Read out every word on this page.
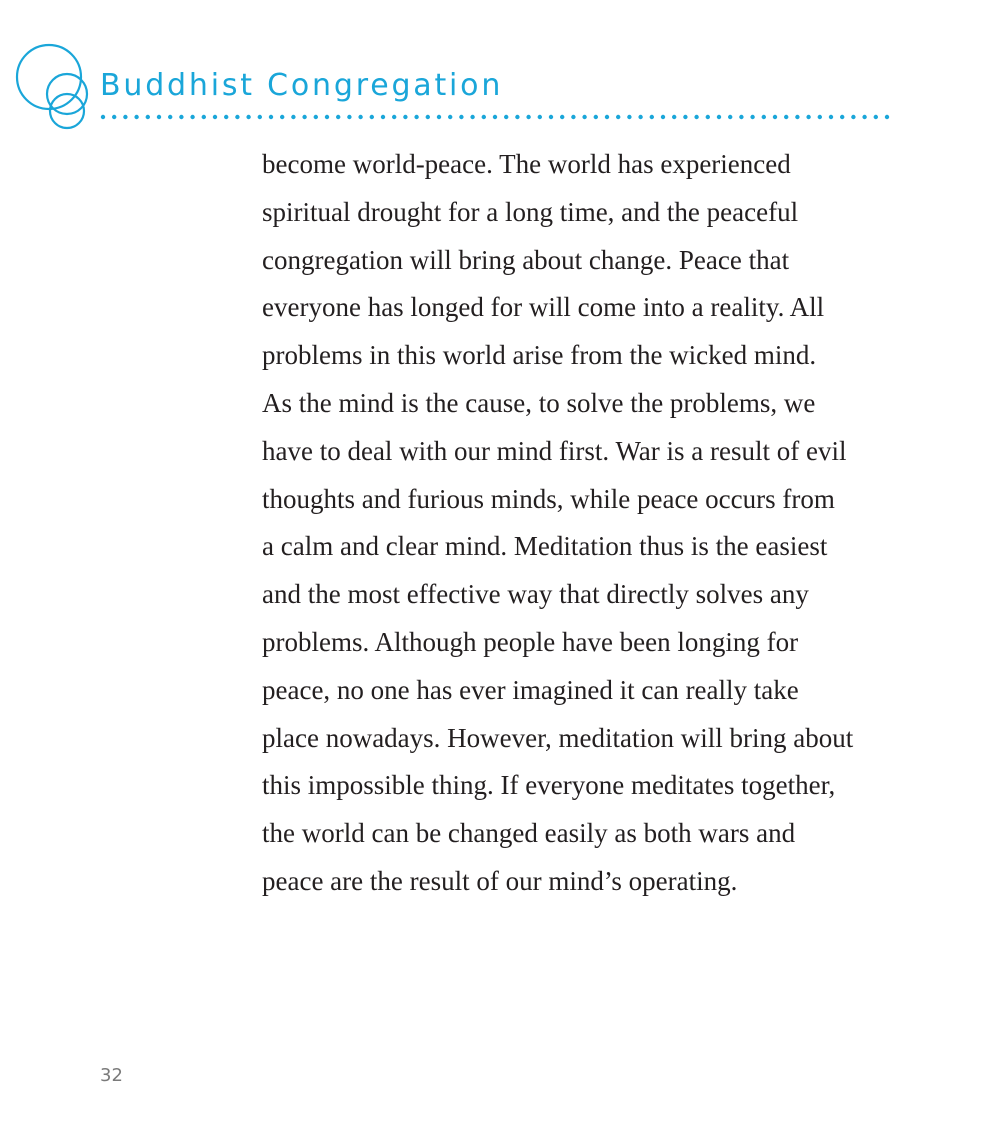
Buddhist Congregation
become world-peace. The world has experienced
spiritual drought for a long time, and the peaceful
congregation will bring about change. Peace that
everyone has longed for will come into a reality. All
problems in this world arise from the wicked mind.
As the mind is the cause, to solve the problems, we
have to deal with our mind first. War is a result of evil
thoughts and furious minds, while peace occurs from
a calm and clear mind. Meditation thus is the easiest
and the most effective way that directly solves any
problems. Although people have been longing for
peace, no one has ever imagined it can really take
place nowadays. However, meditation will bring about
this impossible thing. If everyone meditates together,
the world can be changed easily as both wars and
peace are the result of our mind’s operating.

32
